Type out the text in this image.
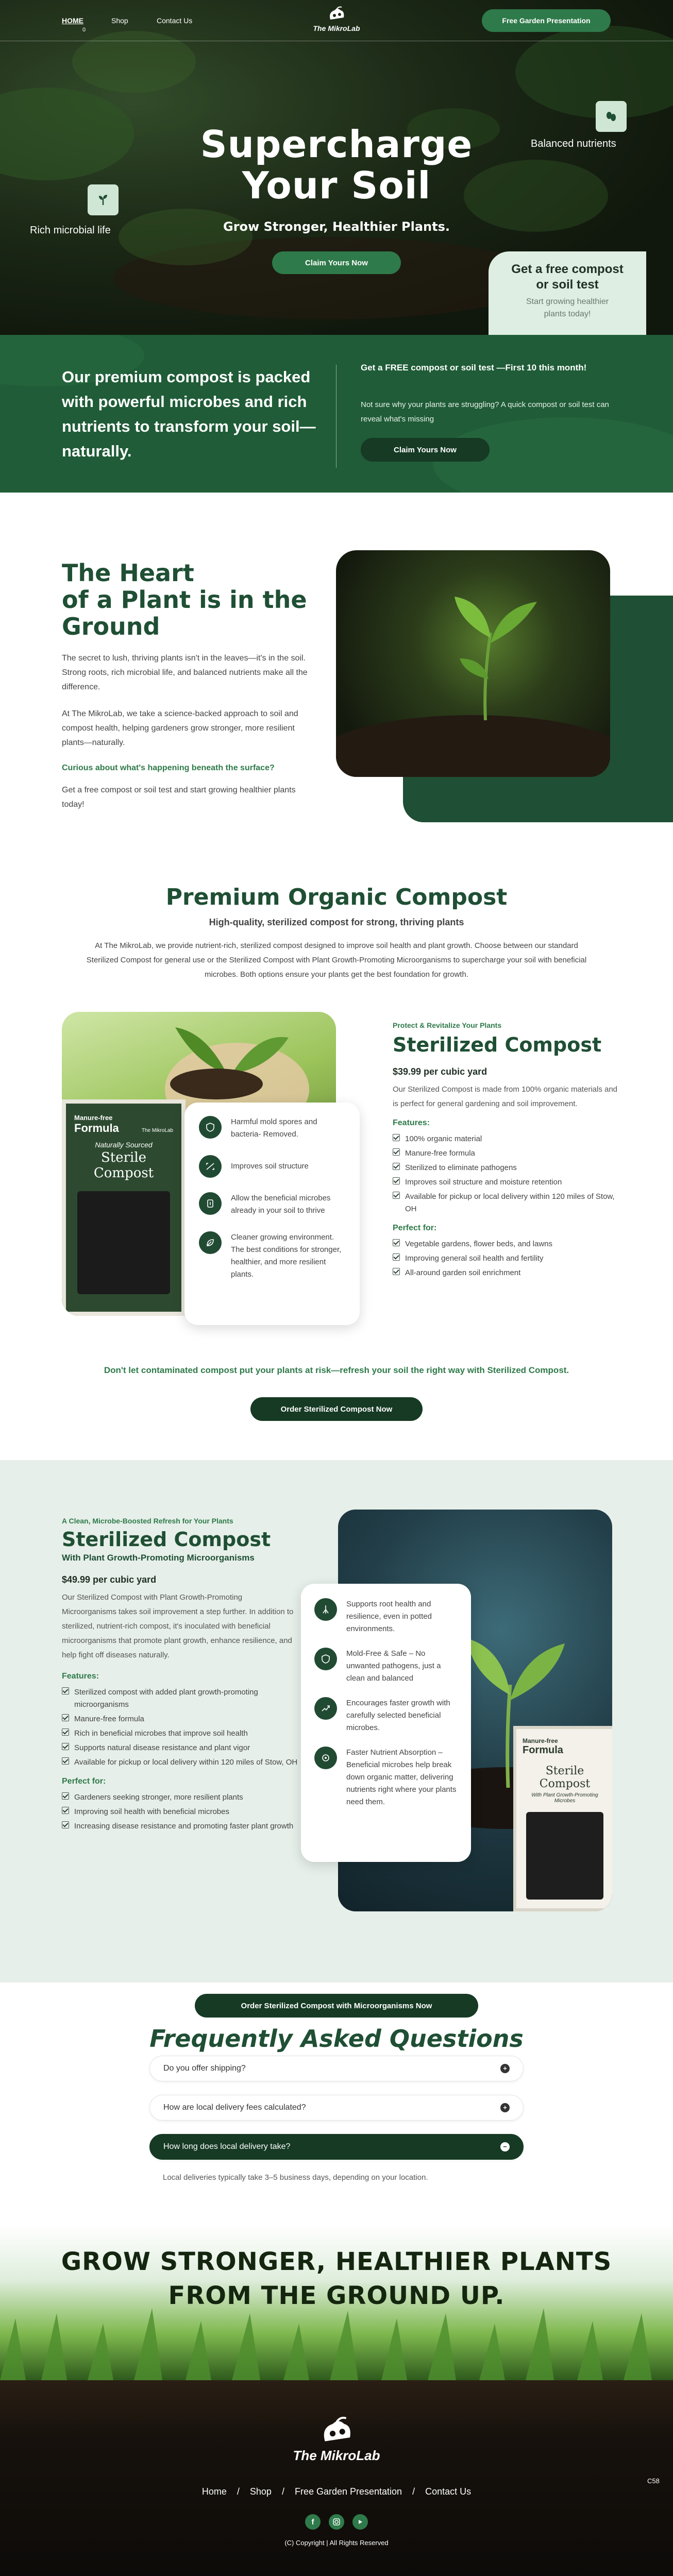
HOME
0
Shop	Contact Us
The MikroLab
Free Garden Presentation
Supercharge
Your Soil
Grow Stronger, Healthier Plants.
Claim Yours Now
Rich microbial life
Balanced nutrients
Get a free compost or soil test
Start growing healthier plants today!
Our premium compost is packed with powerful microbes and rich nutrients to transform your soil—naturally.
Get a FREE compost or soil test —First 10 this month!
Not sure why your plants are struggling? A quick compost or soil test can reveal what's missing
Claim Yours Now
The Heart
of a Plant is in the
Ground

The secret to lush, thriving plants isn't in the leaves—it's in the soil. Strong roots, rich microbial life, and balanced nutrients make all the difference.

At The MikroLab, we take a science-backed approach to soil and compost health, helping gardeners grow stronger, more resilient plants—naturally.

Curious about what's happening beneath the surface?

Get a free compost or soil test and start growing healthier plants today!

Premium Organic Compost
High-quality, sterilized compost for strong, thriving plants

At The MikroLab, we provide nutrient-rich, sterilized compost designed to improve soil health and plant growth. Choose between our standard Sterilized Compost for general use or the Sterilized Compost with Plant Growth-Promoting Microorganisms to supercharge your soil with beneficial microbes. Both options ensure your plants get the best foundation for growth.

Manure-free
Formula	The MikroLab
Naturally Sourced
Sterile Compost
Harmful mold spores and bacteria- Removed.
Improves soil structure
Allow the beneficial microbes already in your soil to thrive
Cleaner growing environment. The best conditions for stronger, healthier, and more resilient plants.
Protect & Revitalize Your Plants
Sterilized Compost
$39.99 per cubic yard

Our Sterilized Compost is made from 100% organic materials and is perfect for general gardening and soil improvement.

Features:
100% organic material
Manure-free formula
Sterilized to eliminate pathogens
Improves soil structure and moisture retention
Available for pickup or local delivery within 120 miles of Stow, OH
Perfect for:
Vegetable gardens, flower beds, and lawns
Improving general soil health and fertility
All-around garden soil enrichment
Don't let contaminated compost put your plants at risk—refresh your soil the right way with Sterilized Compost.
Order Sterilized Compost Now
A Clean, Microbe-Boosted Refresh for Your Plants
Sterilized Compost
With Plant Growth-Promoting Microorganisms
$49.99 per cubic yard

Our Sterilized Compost with Plant Growth-Promoting Microorganisms takes soil improvement a step further. In addition to sterilized, nutrient-rich compost, it's inoculated with beneficial microorganisms that promote plant growth, enhance resilience, and help fight off diseases naturally.

Features:
Sterilized compost with added plant growth-promoting microorganisms
Manure-free formula
Rich in beneficial microbes that improve soil health
Supports natural disease resistance and plant vigor
Available for pickup or local delivery within 120 miles of Stow, OH
Perfect for:
Gardeners seeking stronger, more resilient plants
Improving soil health with beneficial microbes
Increasing disease resistance and promoting faster plant growth
Manure-free
Formula
Sterile Compost
With Plant Growth-Promoting Microbes
Supports root health and resilience, even in potted environments.
Mold-Free & Safe – No unwanted pathogens, just a clean and balanced
Encourages faster growth with carefully selected beneficial microbes.
Faster Nutrient Absorption – Beneficial microbes help break down organic matter, delivering nutrients right where your plants need them.
Order Sterilized Compost with Microorganisms Now
Frequently Asked Questions
Do you offer shipping?	+
How are local delivery fees calculated?	+
How long does local delivery take?	−
Local deliveries typically take 3–5 business days, depending on your location.
GROW STRONGER, HEALTHIER PLANTS
FROM THE GROUND UP.
The MikroLab
Home / Shop / Free Garden Presentation / Contact Us
f
(C) Copyright | All Rights Reserved
C58
